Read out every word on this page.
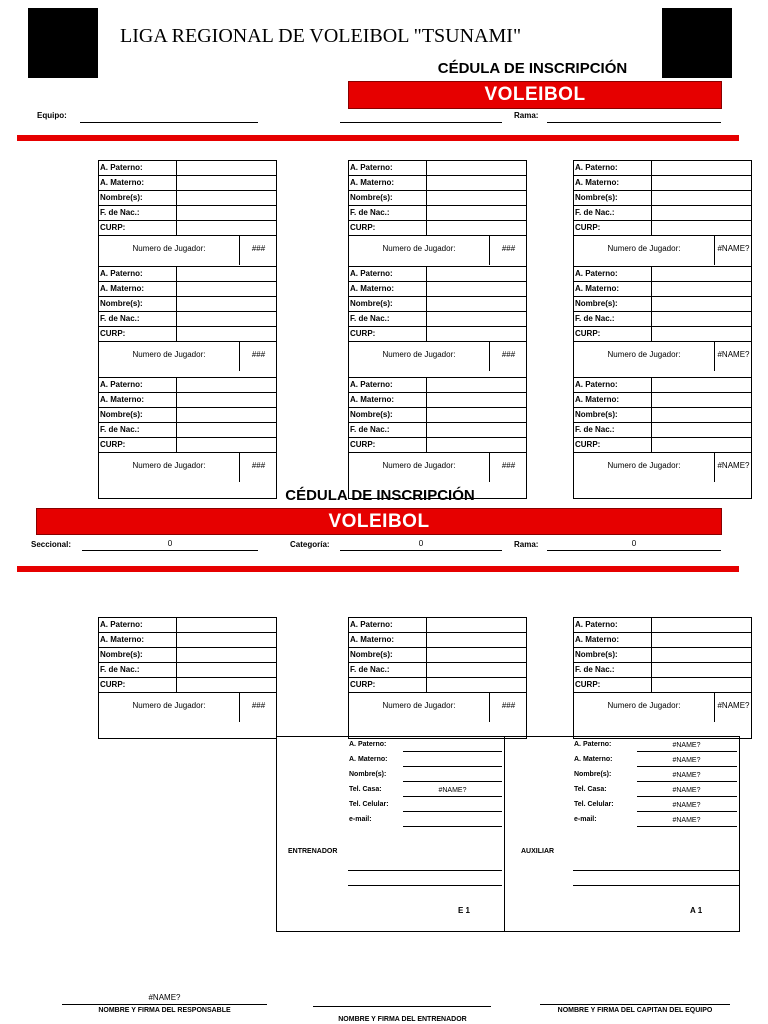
LIGA REGIONAL DE VOLEIBOL "TSUNAMI"
CÉDULA DE INSCRIPCIÓN
VOLEIBOL
Equipo:	Rama:
A. Paterno:
A. Materno:
Nombre(s):
F. de Nac.:
CURP:
Numero de Jugador:	###
A. Paterno:
A. Materno:
Nombre(s):
F. de Nac.:
CURP:
Numero de Jugador:	###
A. Paterno:
A. Materno:
Nombre(s):
F. de Nac.:
CURP:
Numero de Jugador:	#NAME?
A. Paterno:
A. Materno:
Nombre(s):
F. de Nac.:
CURP:
Numero de Jugador:	###
A. Paterno:
A. Materno:
Nombre(s):
F. de Nac.:
CURP:
Numero de Jugador:	###
A. Paterno:
A. Materno:
Nombre(s):
F. de Nac.:
CURP:
Numero de Jugador:	#NAME?
A. Paterno:
A. Materno:
Nombre(s):
F. de Nac.:
CURP:
Numero de Jugador:	###
A. Paterno:
A. Materno:
Nombre(s):
F. de Nac.:
CURP:
Numero de Jugador:	###
A. Paterno:
A. Materno:
Nombre(s):
F. de Nac.:
CURP:
Numero de Jugador:	#NAME?
A. Paterno:
A. Materno:
Nombre(s):
F. de Nac.:
CURP:
Numero de Jugador:	###
A. Paterno:
A. Materno:
Nombre(s):
F. de Nac.:
CURP:
Numero de Jugador:	###
A. Paterno:
A. Materno:
Nombre(s):
F. de Nac.:
CURP:
Numero de Jugador:	#NAME?
CÉDULA DE INSCRIPCIÓN
VOLEIBOL
Seccional:	0	Categoría:	0	Rama:	0
A. Paterno:
A. Materno:
Nombre(s):
Tel. Casa:	#NAME?
Tel. Celular:
e-mail:
ENTRENADOR
E 1
A. Paterno:	#NAME?
A. Materno:	#NAME?
Nombre(s):	#NAME?
Tel. Casa:	#NAME?
Tel. Celular:	#NAME?
e-mail:	#NAME?
AUXILIAR
A 1
#NAME?
NOMBRE Y FIRMA DEL RESPONSABLE
NOMBRE Y FIRMA DEL ENTRENADOR
NOMBRE Y FIRMA DEL CAPITAN DEL EQUIPO
